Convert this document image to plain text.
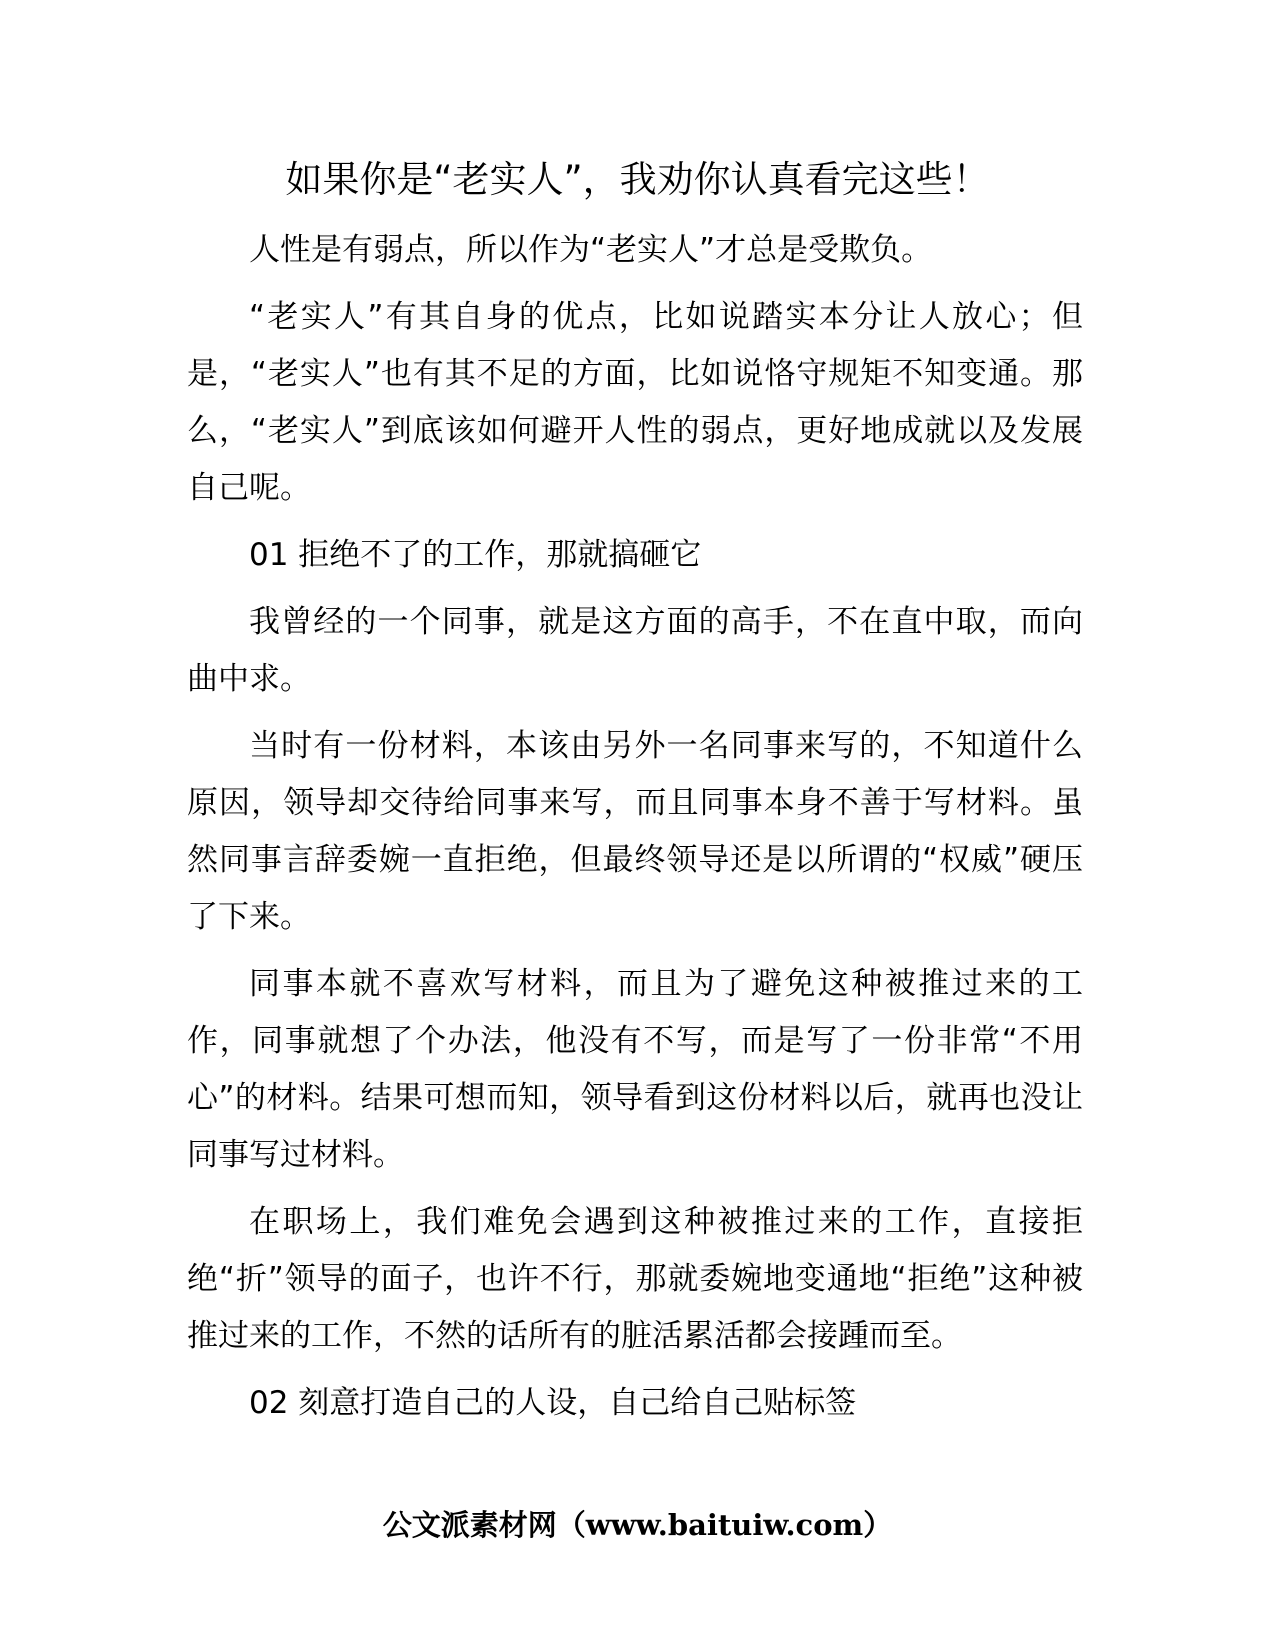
如果你是“老实人”，我劝你认真看完这些！

人性是有弱点，所以作为“老实人”才总是受欺负。

“老实人”有其自身的优点，比如说踏实本分让人放心；但是，“老实人”也有其不足的方面，比如说恪守规矩不知变通。那么，“老实人”到底该如何避开人性的弱点，更好地成就以及发展自己呢。

01 拒绝不了的工作，那就搞砸它

我曾经的一个同事，就是这方面的高手，不在直中取，而向曲中求。

当时有一份材料，本该由另外一名同事来写的，不知道什么原因，领导却交待给同事来写，而且同事本身不善于写材料。虽然同事言辞委婉一直拒绝，但最终领导还是以所谓的“权威”硬压了下来。

同事本就不喜欢写材料，而且为了避免这种被推过来的工作，同事就想了个办法，他没有不写，而是写了一份非常“不用心”的材料。结果可想而知，领导看到这份材料以后，就再也没让同事写过材料。

在职场上，我们难免会遇到这种被推过来的工作，直接拒绝“折”领导的面子，也许不行，那就委婉地变通地“拒绝”这种被推过来的工作，不然的话所有的脏活累活都会接踵而至。

02 刻意打造自己的人设，自己给自己贴标签

公文派素材网（www.baituiw.com）
